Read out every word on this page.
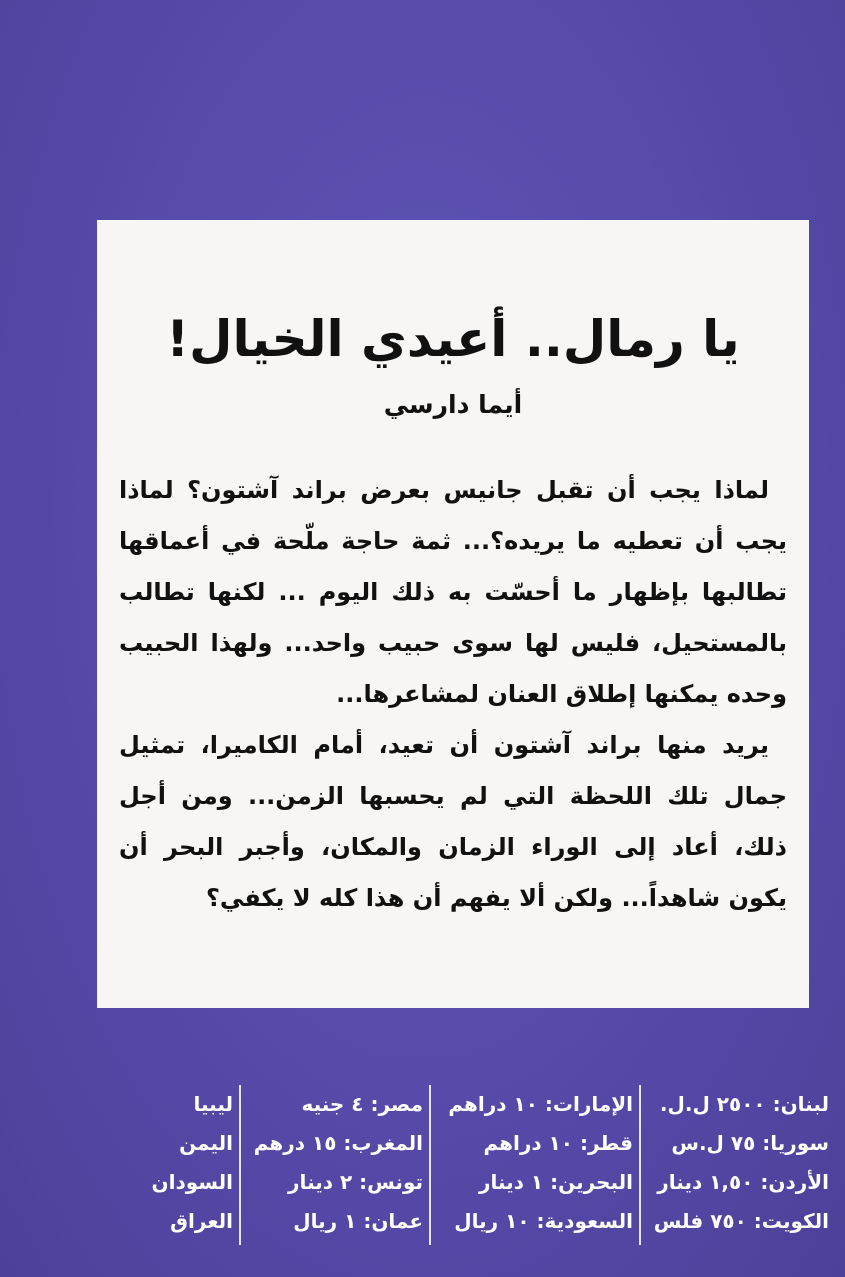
يا رمال.. أعيدي الخيال!
أيما دارسي

لماذا يجب أن تقبل جانيس بعرض براند آشتون؟ لماذا يجب أن تعطيه ما يريده؟... ثمة حاجة ملّحة في أعماقها تطالبها بإظهار ما أحسّت به ذلك اليوم ... لكنها تطالب بالمستحيل، فليس لها سوى حبيب واحد... ولهذا الحبيب وحده يمكنها إطلاق العنان لمشاعرها...

يريد منها براند آشتون أن تعيد، أمام الكاميرا، تمثيل جمال تلك اللحظة التي لم يحسبها الزمن... ومن أجل ذلك، أعاد إلى الوراء الزمان والمكان، وأجبر البحر أن يكون شاهداً... ولكن ألا يفهم أن هذا كله لا يكفي؟

لبنان: ٢٥٠٠ ل.ل.
سوريا: ٧٥ ل.س
الأردن: ١,٥٠ دينار
الكويت: ٧٥٠ فلس
الإمارات: ١٠ دراهم
قطر: ١٠ دراهم
البحرين: ١ دينار
السعودية: ١٠ ريال
مصر: ٤ جنيه
المغرب: ١٥ درهم
تونس: ٢ دينار
عمان: ١ ريال
ليبيا
اليمن
السودان
العراق
